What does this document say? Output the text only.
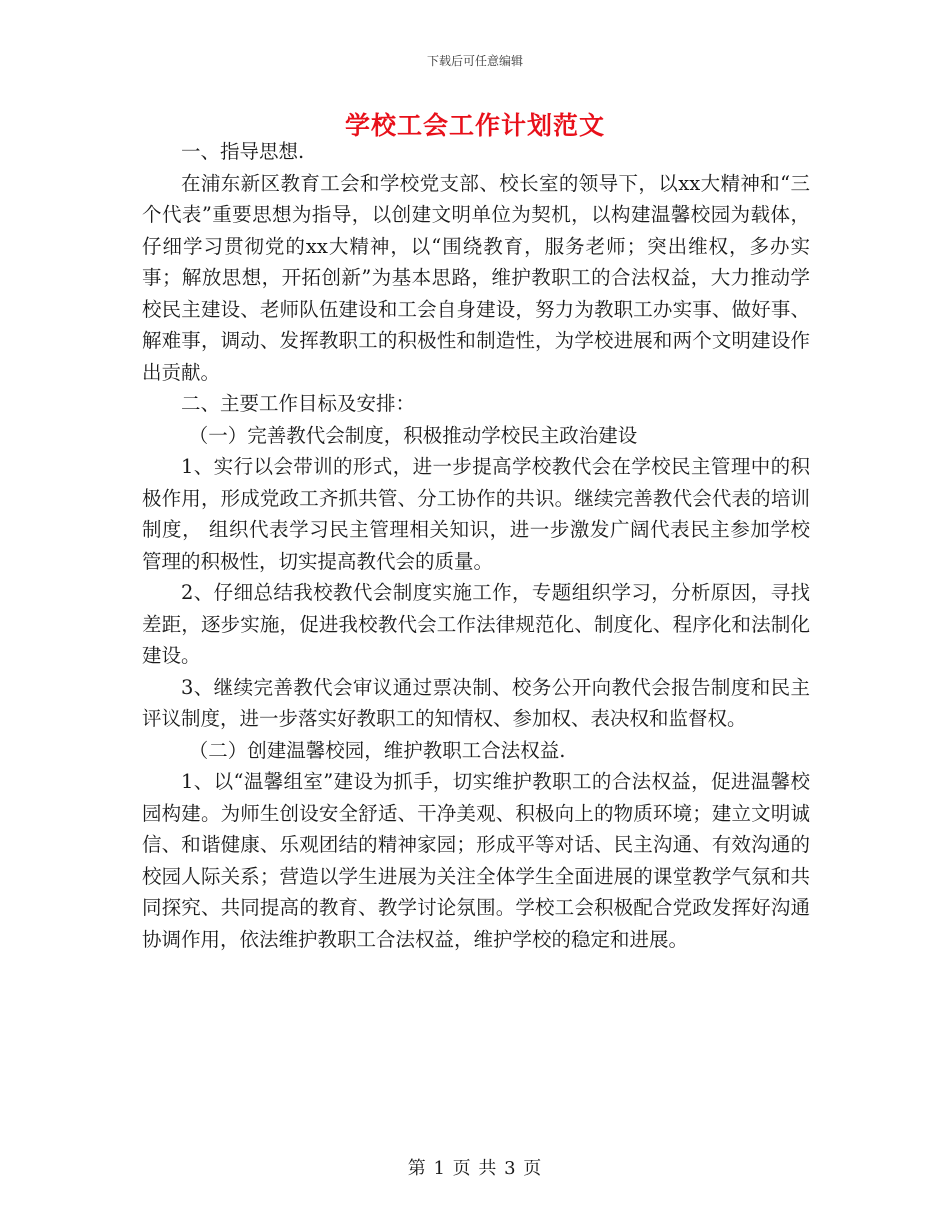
下载后可任意编辑
学校工会工作计划范文

一、指导思想.

在浦东新区教育工会和学校党支部、校长室的领导下，以xx大精神和“三个代表”重要思想为指导，以创建文明单位为契机，以构建温馨校园为载体，仔细学习贯彻党的xx大精神，以“围绕教育，服务老师；突出维权，多办实事；解放思想，开拓创新”为基本思路，维护教职工的合法权益，大力推动学校民主建设、老师队伍建设和工会自身建设，努力为教职工办实事、做好事、解难事，调动、发挥教职工的积极性和制造性，为学校进展和两个文明建设作出贡献。

二、主要工作目标及安排：

（一）完善教代会制度，积极推动学校民主政治建设

1、实行以会带训的形式，进一步提高学校教代会在学校民主管理中的积极作用，形成党政工齐抓共管、分工协作的共识。继续完善教代会代表的培训制度， 组织代表学习民主管理相关知识，进一步激发广阔代表民主参加学校管理的积极性，切实提高教代会的质量。

2、仔细总结我校教代会制度实施工作，专题组织学习，分析原因，寻找差距，逐步实施，促进我校教代会工作法律规范化、制度化、程序化和法制化建设。

3、继续完善教代会审议通过票决制、校务公开向教代会报告制度和民主评议制度，进一步落实好教职工的知情权、参加权、表决权和监督权。

（二）创建温馨校园，维护教职工合法权益.

1、以“温馨组室”建设为抓手，切实维护教职工的合法权益，促进温馨校园构建。为师生创设安全舒适、干净美观、积极向上的物质环境；建立文明诚信、和谐健康、乐观团结的精神家园；形成平等对话、民主沟通、有效沟通的校园人际关系；营造以学生进展为关注全体学生全面进展的课堂教学气氛和共同探究、共同提高的教育、教学讨论氛围。学校工会积极配合党政发挥好沟通协调作用，依法维护教职工合法权益，维护学校的稳定和进展。

第 1 页 共 3 页
